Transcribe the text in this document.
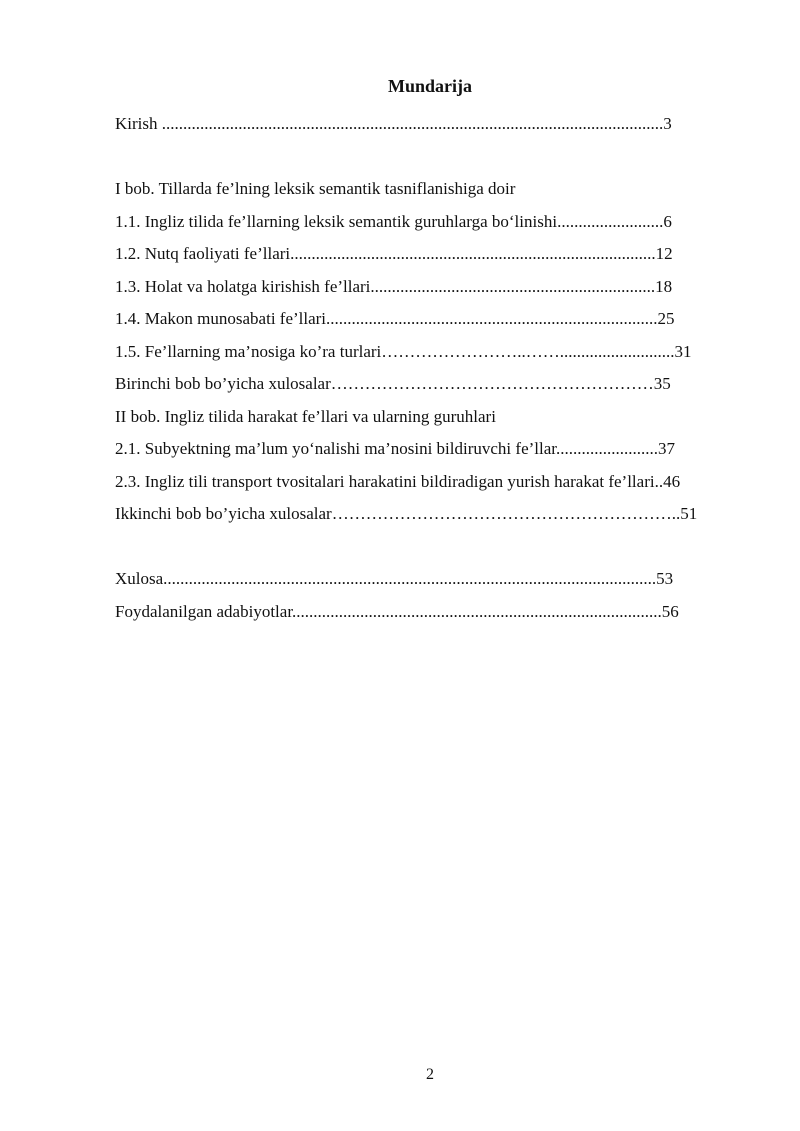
Mundarija
Kirish ......................................................................................................................3
I bob. Tillarda fe’lning leksik semantik tasniflanishiga doir
1.1. Ingliz tilida fe’llarning leksik semantik guruhlarga bo‘linishi.........................6
1.2. Nutq faoliyati fe’llari......................................................................................12
1.3. Holat va holatga kirishish fe’llari...................................................................18
1.4. Makon munosabati fe’llari..............................................................................25
1.5. Fe’llarning ma’nosiga ko’ra turlari……………………..……...........................31
Birinchi bob bo’yicha xulosalar…………………………………………………35
II bob. Ingliz tilida harakat fe’llari va ularning guruhlari
2.1. Subyektning ma’lum yo‘nalishi ma’nosini bildiruvchi fe’llar........................37
2.3. Ingliz tili transport tvositalari harakatini bildiradigan yurish harakat fe’llari..46
Ikkinchi bob bo’yicha xulosalar……………………………………………………..51
Xulosa....................................................................................................................53
Foydalanilgan adabiyotlar.......................................................................................56
2
